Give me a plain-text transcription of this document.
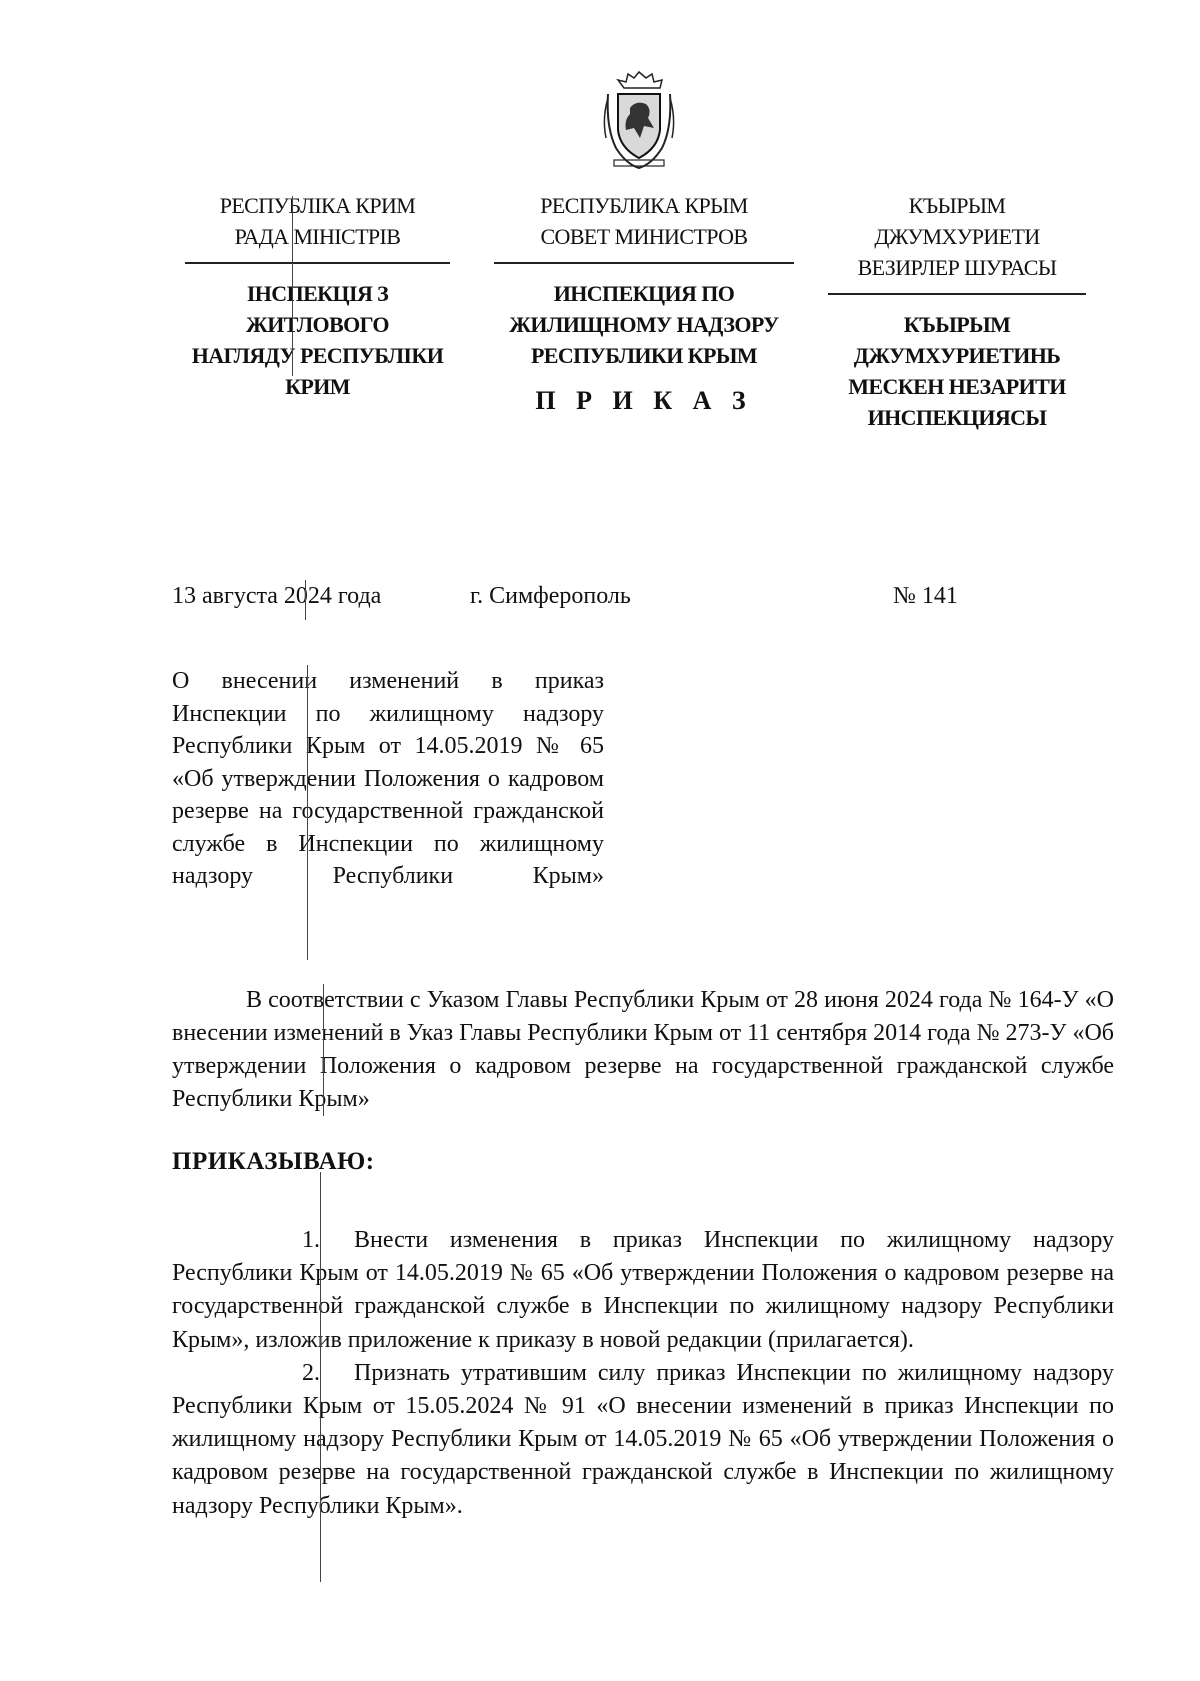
РЕСПУБЛІКА КРИМ
РАДА МІНІСТРІВ
ІНСПЕКЦІЯ З ЖИТЛОВОГО
НАГЛЯДУ РЕСПУБЛІКИ
КРИМ
РЕСПУБЛИКА КРЫМ
СОВЕТ МИНИСТРОВ
ИНСПЕКЦИЯ ПО
ЖИЛИЩНОМУ НАДЗОРУ
РЕСПУБЛИКИ КРЫМ
КЪЫРЫМ ДЖУМХУРИЕТИ
ВЕЗИРЛЕР ШУРАСЫ
КЪЫРЫМ
ДЖУМХУРИЕТИНЬ
МЕСКЕН НЕЗАРИТИ
ИНСПЕКЦИЯСЫ
П Р И К А З
13 августа 2024 года	г. Симферополь	№ 141
О внесении изменений в приказ Инспекции по жилищному надзору Республики Крым от 14.05.2019 № 65 «Об утверждении Положения о кадровом резерве на государственной гражданской службе в Инспекции по жилищному надзору Республики Крым»
В соответствии с Указом Главы Республики Крым от 28 июня 2024 года № 164-У «О внесении изменений в Указ Главы Республики Крым от 11 сентября 2014 года № 273-У «Об утверждении Положения о кадровом резерве на государственной гражданской службе Республики Крым»
ПРИКАЗЫВАЮ:

1. Внести изменения в приказ Инспекции по жилищному надзору Республики Крым от 14.05.2019 № 65 «Об утверждении Положения о кадровом резерве на государственной гражданской службе в Инспекции по жилищному надзору Республики Крым», изложив приложение к приказу в новой редакции (прилагается).

2. Признать утратившим силу приказ Инспекции по жилищному надзору Республики Крым от 15.05.2024 № 91 «О внесении изменений в приказ Инспекции по жилищному надзору Республики Крым от 14.05.2019 № 65 «Об утверждении Положения о кадровом резерве на государственной гражданской службе в Инспекции по жилищному надзору Республики Крым».
